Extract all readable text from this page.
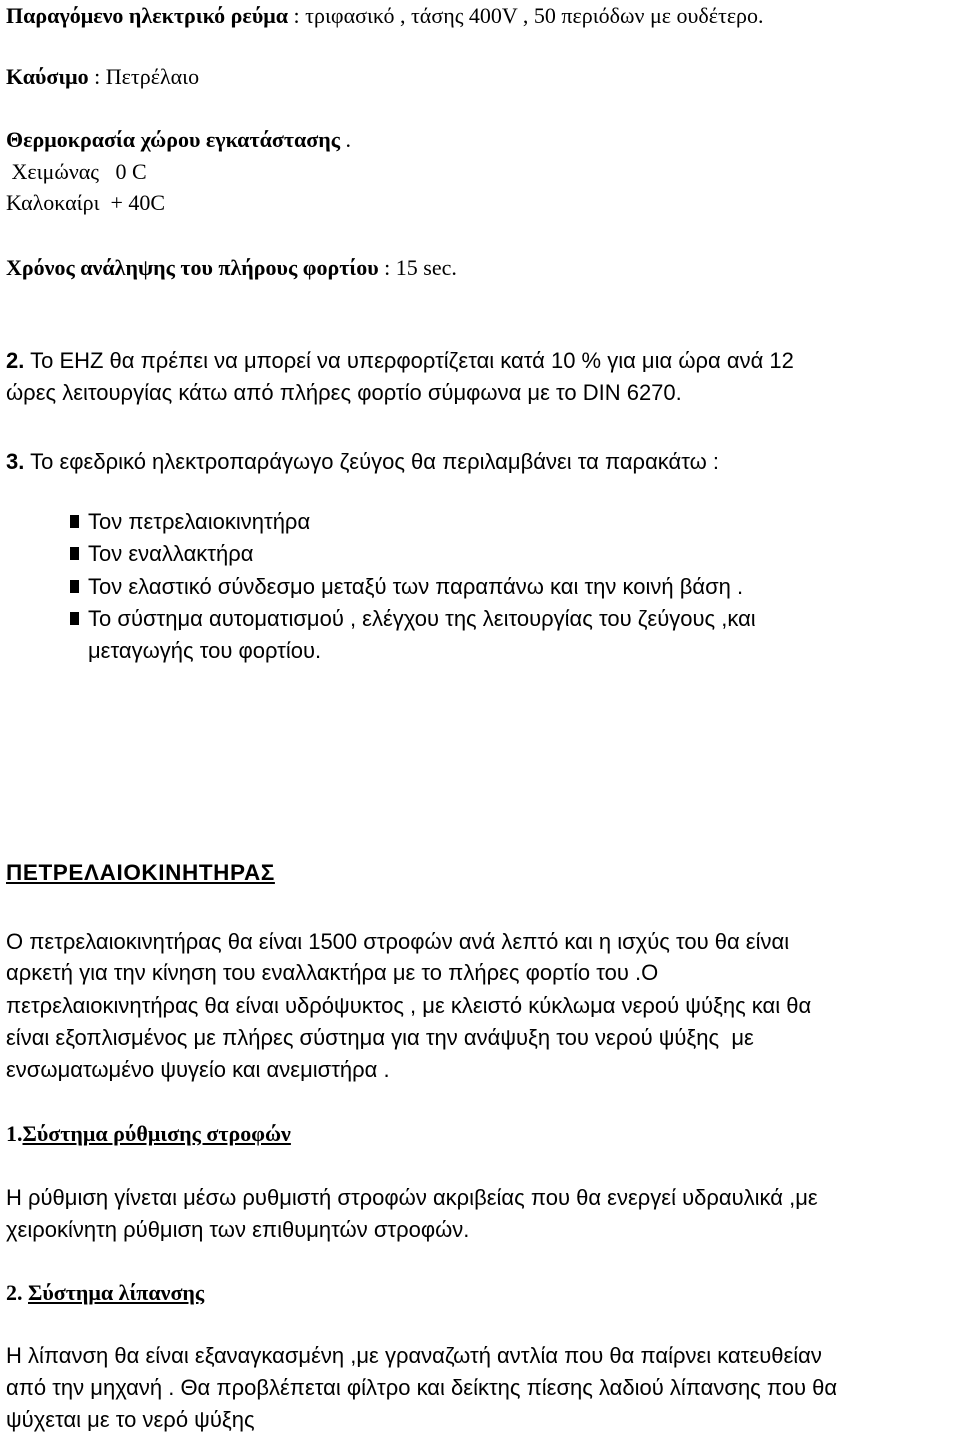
Παραγόμενο ηλεκτρικό ρεύμα : τριφασικό , τάσης 400V , 50 περιόδων με ουδέτερο.
Καύσιμο : Πετρέλαιο
Θερμοκρασία χώρου εγκατάστασης .
Χειμώνας   0 C
Καλοκαίρι  + 40C
Χρόνος ανάληψης του πλήρους φορτίου : 15 sec.
2. Το ΕΗΖ θα πρέπει να μπορεί να υπερφορτίζεται κατά 10 % για μια ώρα ανά 12
ώρες λειτουργίας κάτω από πλήρες φορτίο σύμφωνα με το DIN 6270.
3. Το εφεδρικό ηλεκτροπαράγωγο ζεύγος θα περιλαμβάνει τα παρακάτω :
Τον πετρελαιοκινητήρα
Τον εναλλακτήρα
Τον ελαστικό σύνδεσμο μεταξύ των παραπάνω και την κοινή βάση .
Το σύστημα αυτοματισμού , ελέγχου της λειτουργίας του ζεύγους ,και
μεταγωγής του φορτίου.
ΠΕΤΡΕΛΑΙΟΚΙΝΗΤΗΡΑΣ
Ο πετρελαιοκινητήρας θα είναι 1500 στροφών ανά λεπτό και η ισχύς του θα είναι
αρκετή για την κίνηση του εναλλακτήρα με το πλήρες φορτίο του .Ο
πετρελαιοκινητήρας θα είναι υδρόψυκτος , με κλειστό κύκλωμα νερού ψύξης και θα
είναι εξοπλισμένος με πλήρες σύστημα για την ανάψυξη του νερού ψύξης  με
ενσωματωμένο ψυγείο και ανεμιστήρα .
1.Σύστημα ρύθμισης στροφών
Η ρύθμιση γίνεται μέσω ρυθμιστή στροφών ακριβείας που θα ενεργεί υδραυλικά ,με
χειροκίνητη ρύθμιση των επιθυμητών στροφών.
2. Σύστημα λίπανσης
Η λίπανση θα είναι εξαναγκασμένη ,με γραναζωτή αντλία που θα παίρνει κατευθείαν
από την μηχανή . Θα προβλέπεται φίλτρο και δείκτης πίεσης λαδιού λίπανσης που θα
ψύχεται με το νερό ψύξης
